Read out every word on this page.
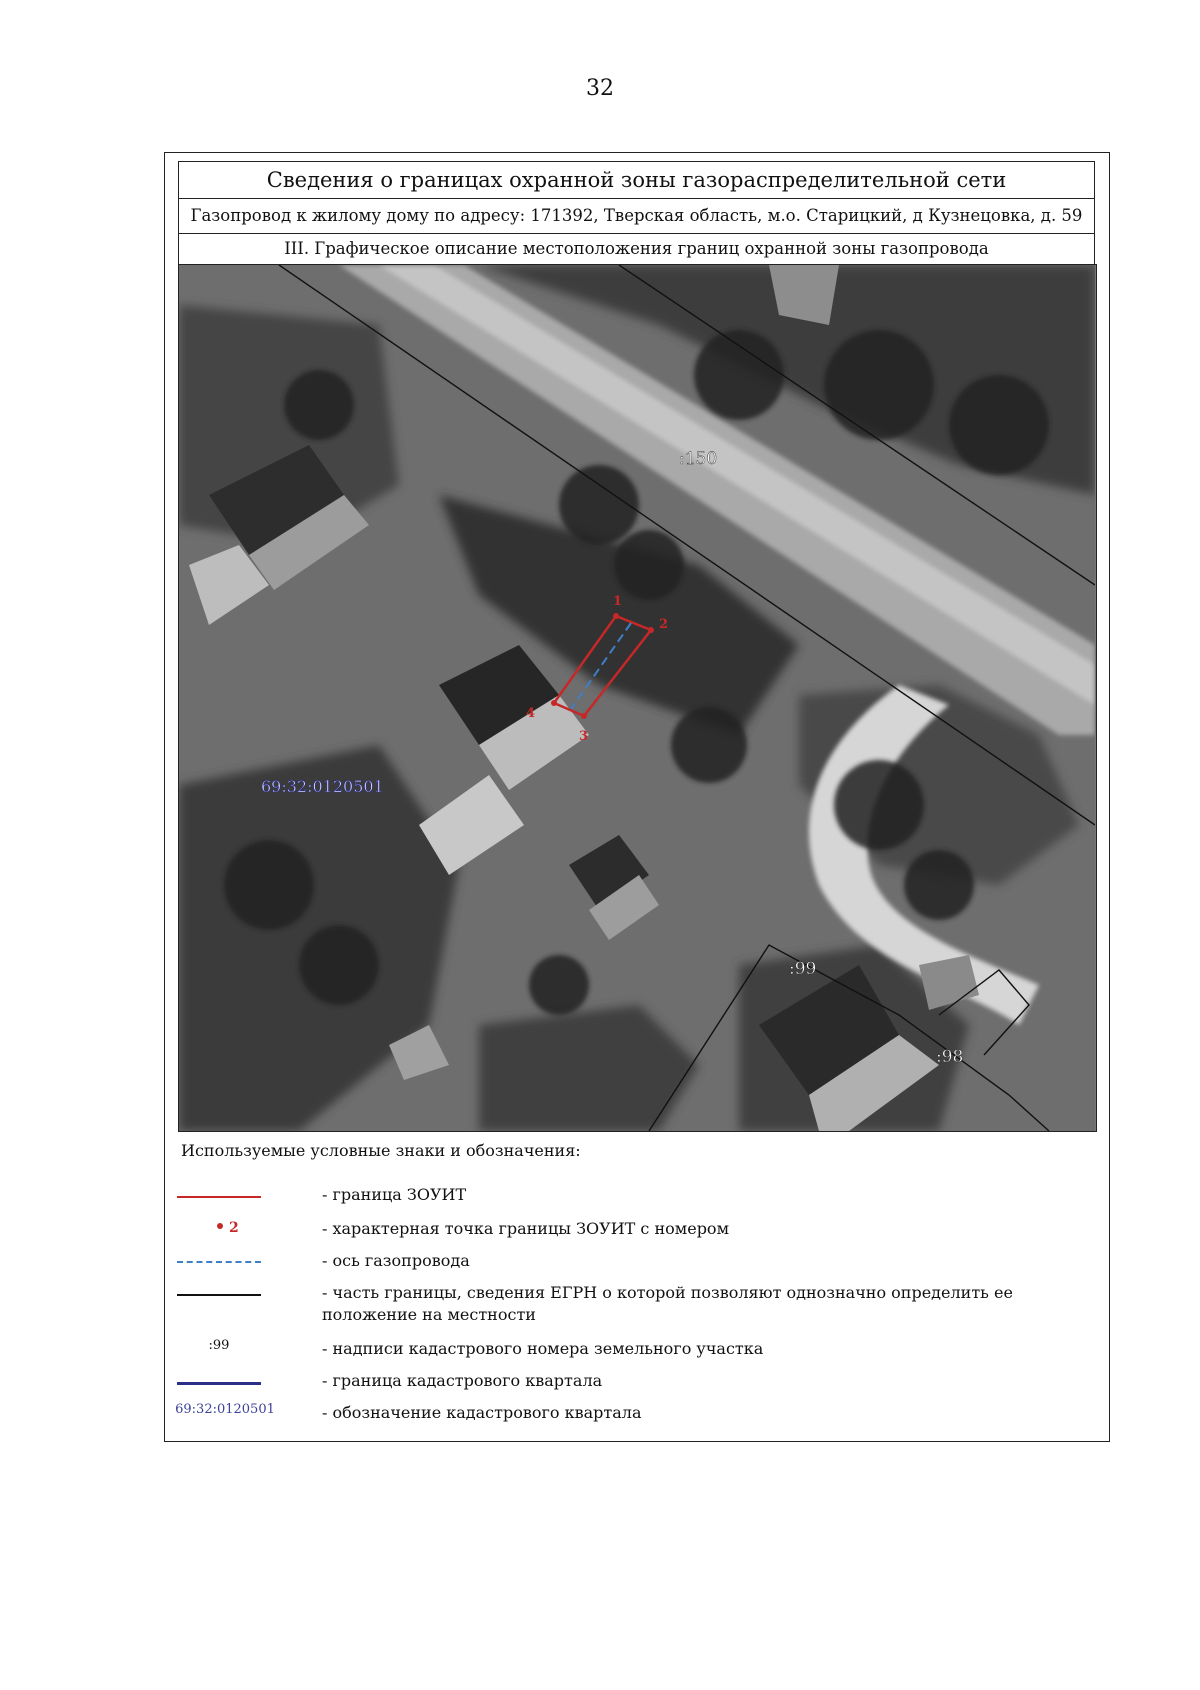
32
Сведения о границах охранной зоны газораспределительной сети
Газопровод к жилому дому по адресу: 171392, Тверская область, м.о. Старицкий, д Кузнецовка, д. 59
III. Графическое описание местоположения границ охранной зоны газопровода
1
2
3
4
:150
:99
:98
69:32:0120501
Используемые условные знаки и обозначения:
- граница ЗОУИТ
2	- характерная точка границы ЗОУИТ с номером
- ось газопровода
- часть границы, сведения ЕГРН о которой позволяют однозначно определить ее положение на местности
:99	- надписи кадастрового номера земельного участка
- граница кадастрового квартала
69:32:0120501	- обозначение кадастрового квартала
